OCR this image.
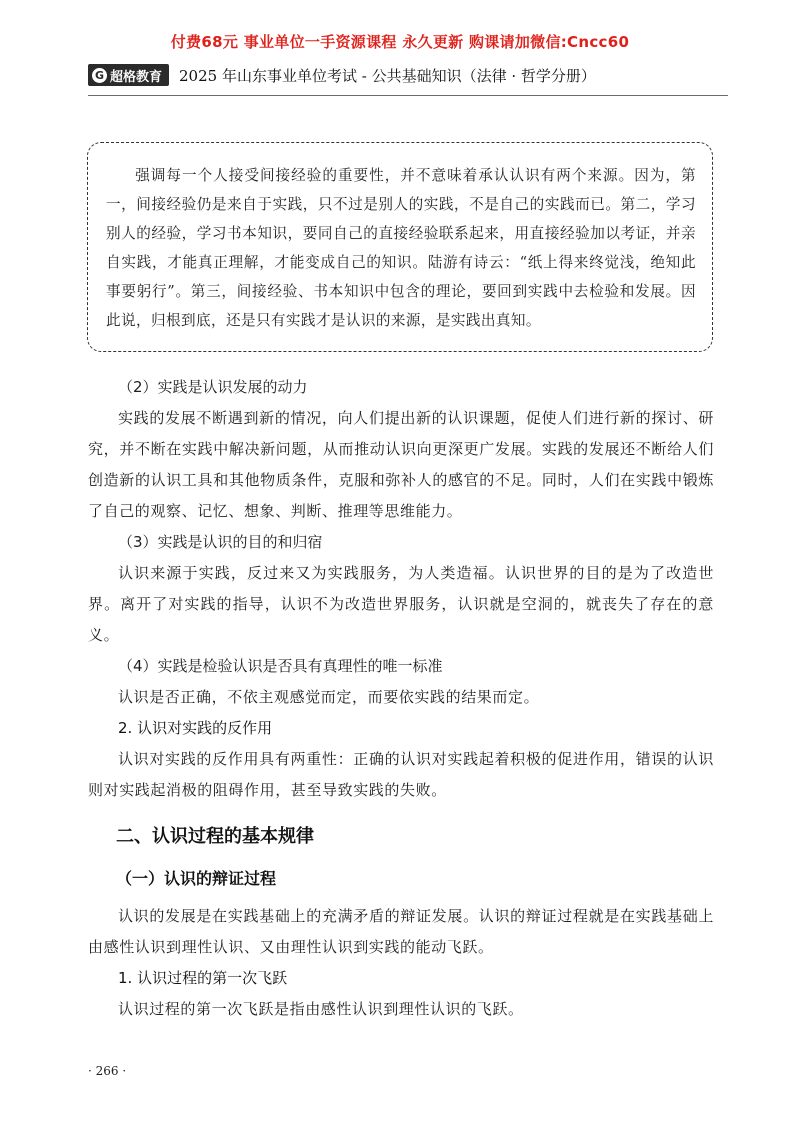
付费68元 事业单位一手资源课程 永久更新 购课请加微信:Cncc60
G 超格教育 2025 年山东事业单位考试 - 公共基础知识（法律 · 哲学分册）

强调每一个人接受间接经验的重要性，并不意味着承认认识有两个来源。因为，第一，间接经验仍是来自于实践，只不过是别人的实践，不是自己的实践而已。第二，学习别人的经验，学习书本知识，要同自己的直接经验联系起来，用直接经验加以考证，并亲自实践，才能真正理解，才能变成自己的知识。陆游有诗云：“纸上得来终觉浅，绝知此事要躬行”。第三，间接经验、书本知识中包含的理论，要回到实践中去检验和发展。因此说，归根到底，还是只有实践才是认识的来源，是实践出真知。

（2）实践是认识发展的动力

实践的发展不断遇到新的情况，向人们提出新的认识课题，促使人们进行新的探讨、研究，并不断在实践中解决新问题，从而推动认识向更深更广发展。实践的发展还不断给人们创造新的认识工具和其他物质条件，克服和弥补人的感官的不足。同时，人们在实践中锻炼了自己的观察、记忆、想象、判断、推理等思维能力。

（3）实践是认识的目的和归宿

认识来源于实践，反过来又为实践服务，为人类造福。认识世界的目的是为了改造世界。离开了对实践的指导，认识不为改造世界服务，认识就是空洞的，就丧失了存在的意义。

（4）实践是检验认识是否具有真理性的唯一标准

认识是否正确，不依主观感觉而定，而要依实践的结果而定。

2. 认识对实践的反作用

认识对实践的反作用具有两重性：正确的认识对实践起着积极的促进作用，错误的认识则对实践起消极的阻碍作用，甚至导致实践的失败。

二、认识过程的基本规律
（一）认识的辩证过程

认识的发展是在实践基础上的充满矛盾的辩证发展。认识的辩证过程就是在实践基础上由感性认识到理性认识、又由理性认识到实践的能动飞跃。

1. 认识过程的第一次飞跃

认识过程的第一次飞跃是指由感性认识到理性认识的飞跃。

· 266 ·
